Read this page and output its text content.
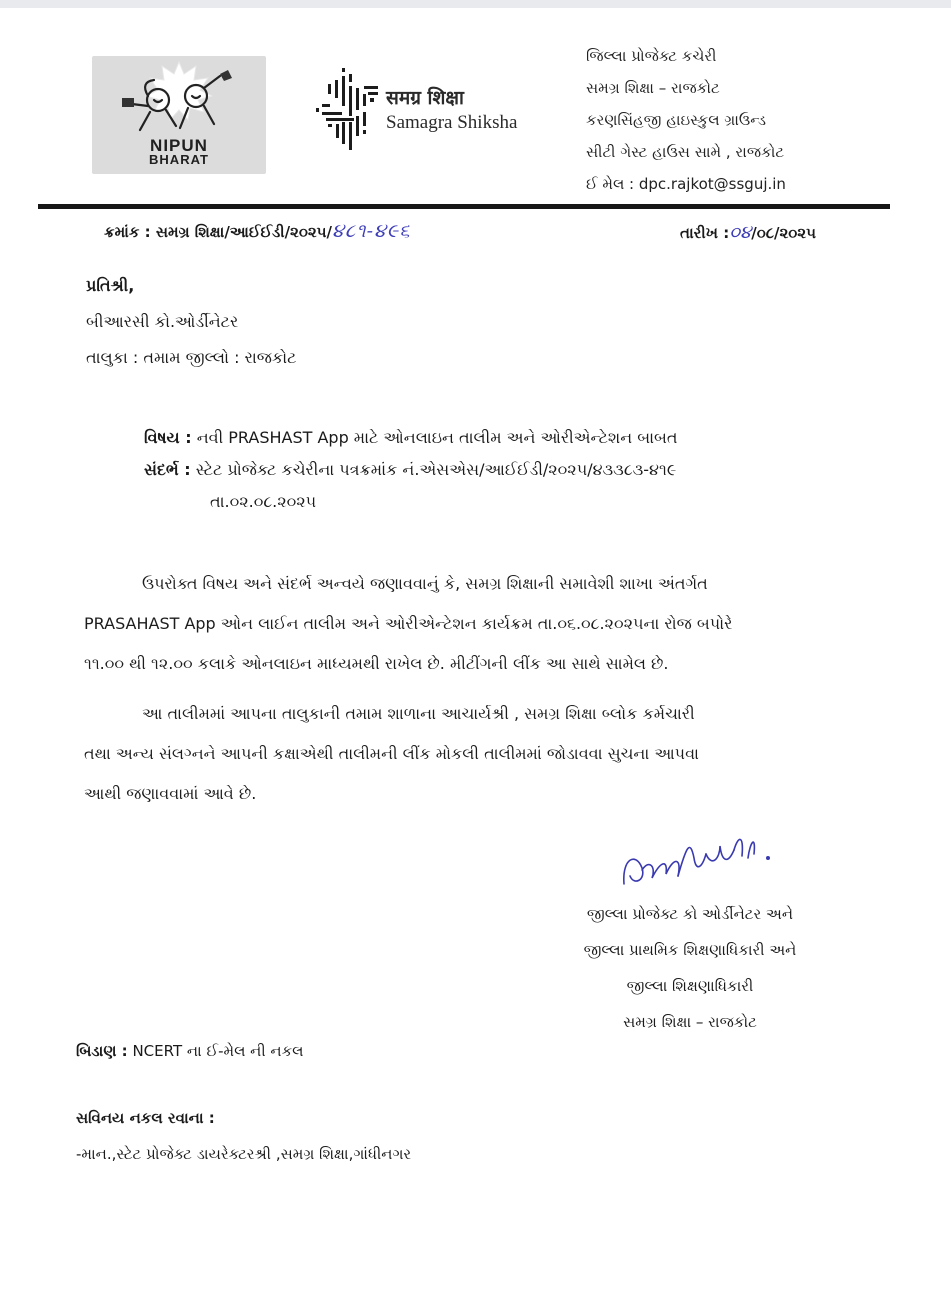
NIPUN
BHARAT
समग्र शिक्षा
Samagra Shiksha
જિલ્લા પ્રોજેક્ટ કચેરી
સમગ્ર શિક્ષા – રાજકોટ
કરણસિંહજી હાઇસ્કુલ ગ્રાઉન્ડ
સીટી ગેસ્ટ હાઉસ સામે , રાજકોટ
ઈ મેલ : dpc.rajkot@ssguj.in
ક્રમાંક : સમગ્ર શિક્ષા/આઈઈડી/૨૦૨૫/૪૮૧-૪૯૬	તારીખ :૦૪/૦૮/૨૦૨૫
પ્રતિશ્રી,
બીઆરસી કો.ઓર્ડીનેટર
તાલુકા : તમામ જીલ્લો : રાજકોટ
વિષય : નવી PRASHAST App માટે ઓનલાઇન તાલીમ અને ઓરીએન્ટેશન બાબત
સંદર્ભ : સ્ટેટ પ્રોજેક્ટ કચેરીના પત્રક્રમાંક નં.એસએસ/આઈઈડી/૨૦૨૫/૪૩૩૮૩-૪૧૯
તા.૦૨.૦૮.૨૦૨૫
ઉપરોક્ત વિષય અને સંદર્ભ અન્વયે જણાવવાનું કે, સમગ્ર શિક્ષાની સમાવેશી શાખા અંતર્ગત
PRASAHAST App ઓન લાઈન તાલીમ અને ઓરીએન્ટેશન કાર્યક્રમ તા.૦૬.૦૮.૨૦૨૫ના રોજ બપોરે
૧૧.૦૦ થી ૧૨.૦૦ કલાકે ઓનલાઇન માધ્યમથી રાખેલ છે. મીટીંગની લીંક આ સાથે સામેલ છે.
આ તાલીમમાં આપના તાલુકાની તમામ શાળાના આચાર્યશ્રી , સમગ્ર શિક્ષા બ્લોક કર્મચારી
તથા અન્ય સંલગ્નને આપની કક્ષાએથી તાલીમની લીંક મોકલી તાલીમમાં જોડાવવા સુચના આપવા
આથી જણાવવામાં આવે છે.
જીલ્લા પ્રોજેક્ટ કો ઓર્ડીનેટર અને
જીલ્લા પ્રાથમિક શિક્ષણાધિકારી અને
જીલ્લા શિક્ષણાધિકારી
સમગ્ર શિક્ષા – રાજકોટ
બિડાણ : NCERT ના ઈ-મેલ ની નકલ
સવિનય નકલ રવાના :
-માન.,સ્ટેટ પ્રોજેક્ટ ડાયરેક્ટરશ્રી ,સમગ્ર શિક્ષા,ગાંધીનગર
